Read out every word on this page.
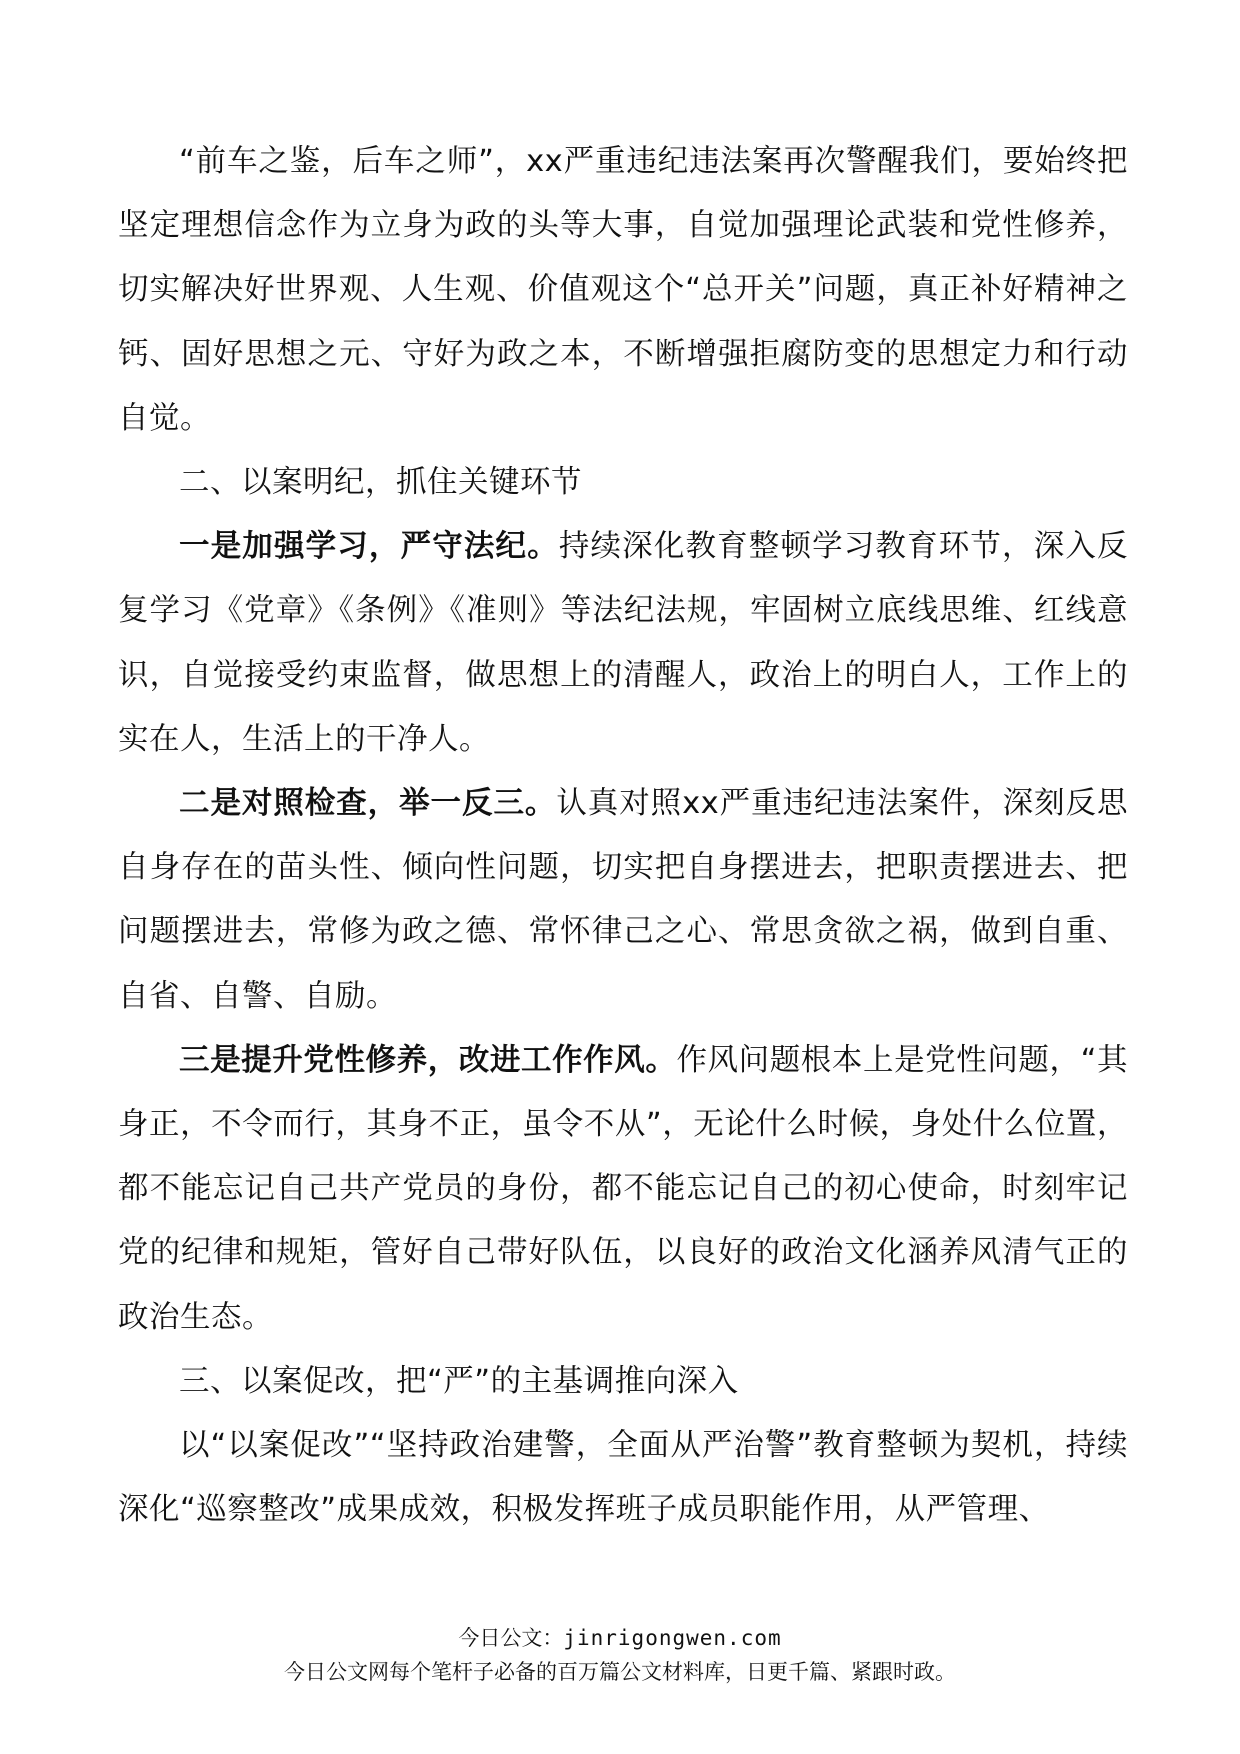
“前车之鉴，后车之师”，xx严重违纪违法案再次警醒我们，要始终把坚定理想信念作为立身为政的头等大事，自觉加强理论武装和党性修养，切实解决好世界观、人生观、价值观这个“总开关”问题，真正补好精神之钙、固好思想之元、守好为政之本，不断增强拒腐防变的思想定力和行动自觉。

二、以案明纪，抓住关键环节

一是加强学习，严守法纪。持续深化教育整顿学习教育环节，深入反复学习《党章》《条例》《准则》等法纪法规，牢固树立底线思维、红线意识，自觉接受约束监督，做思想上的清醒人，政治上的明白人，工作上的实在人，生活上的干净人。

二是对照检查，举一反三。认真对照xx严重违纪违法案件，深刻反思自身存在的苗头性、倾向性问题，切实把自身摆进去，把职责摆进去、把问题摆进去，常修为政之德、常怀律己之心、常思贪欲之祸，做到自重、自省、自警、自励。

三是提升党性修养，改进工作作风。作风问题根本上是党性问题，“其身正，不令而行，其身不正，虽令不从”，无论什么时候，身处什么位置，都不能忘记自己共产党员的身份，都不能忘记自己的初心使命，时刻牢记党的纪律和规矩，管好自己带好队伍，以良好的政治文化涵养风清气正的政治生态。

三、以案促改，把“严”的主基调推向深入

以“以案促改”“坚持政治建警，全面从严治警”教育整顿为契机，持续深化“巡察整改”成果成效，积极发挥班子成员职能作用，从严管理、

今日公文：jinrigongwen.com
今日公文网每个笔杆子必备的百万篇公文材料库，日更千篇、紧跟时政。
